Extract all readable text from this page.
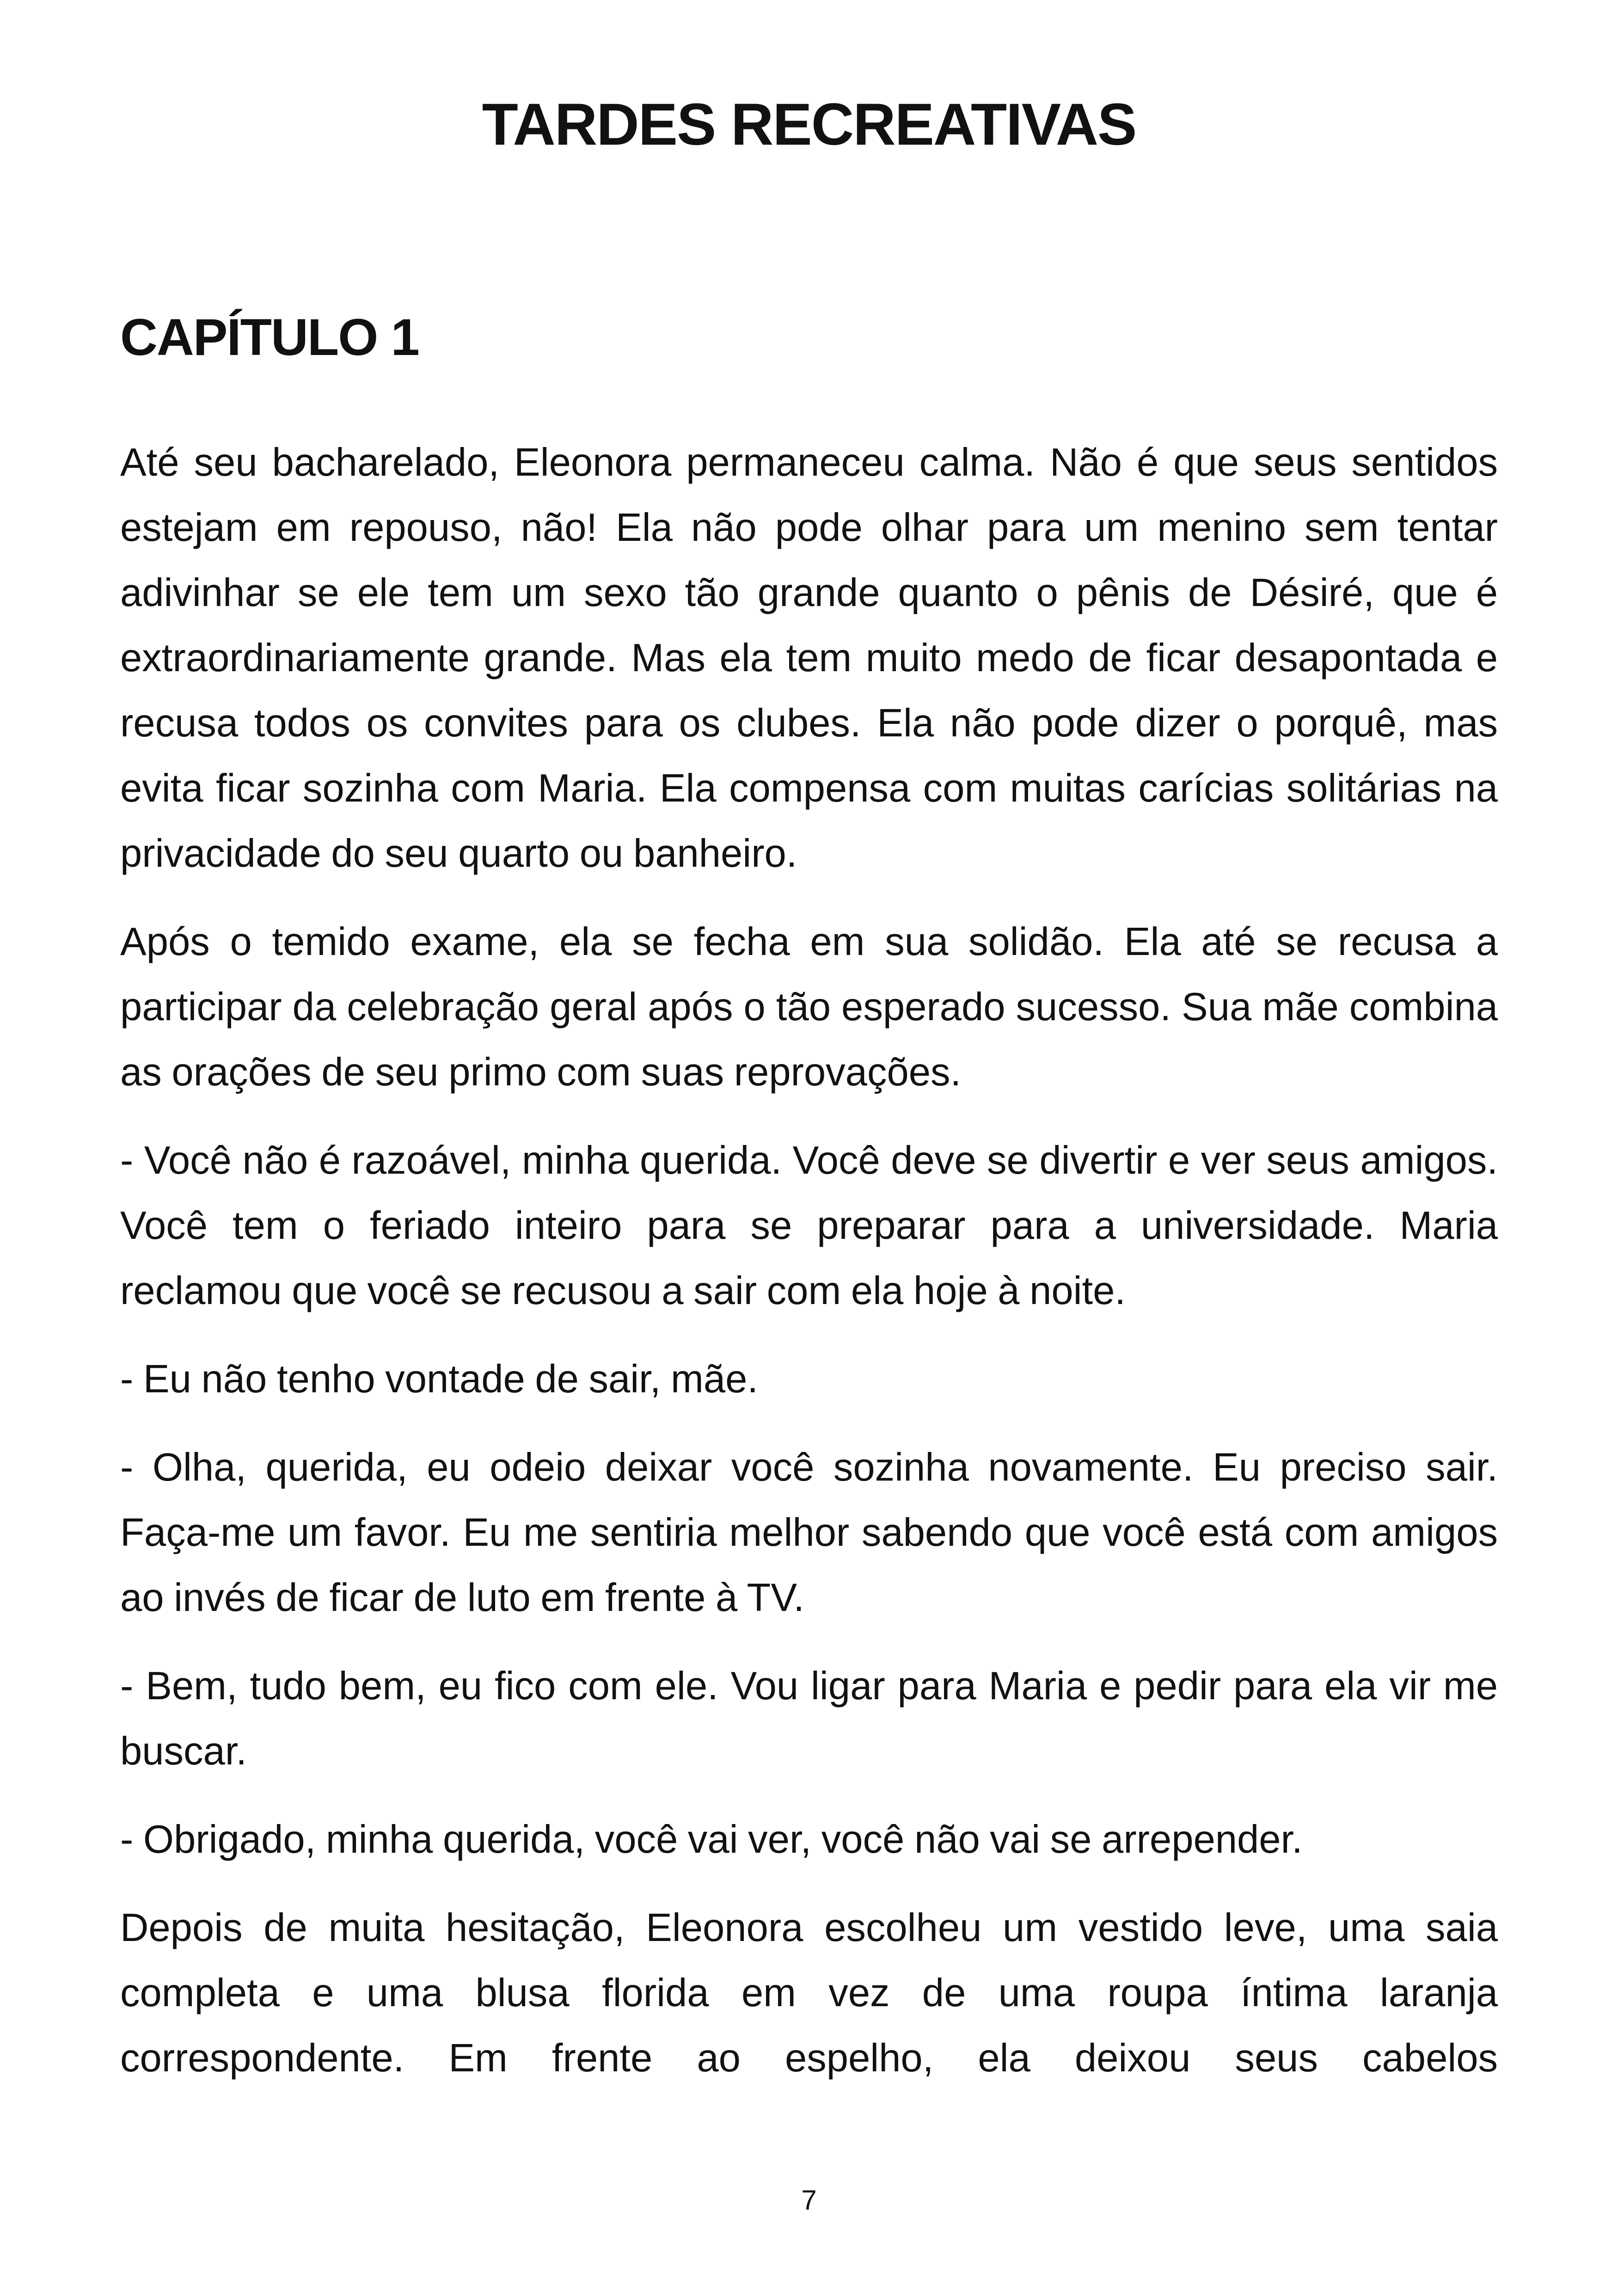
TARDES RECREATIVAS
CAPÍTULO 1

Até seu bacharelado, Eleonora permaneceu calma. Não é que seus sentidos estejam em repouso, não! Ela não pode olhar para um menino sem tentar adivinhar se ele tem um sexo tão grande quanto o pênis de Désiré, que é extraordinariamente grande. Mas ela tem muito medo de ficar desapontada e recusa todos os convites para os clubes. Ela não pode dizer o porquê, mas evita ficar sozinha com Maria. Ela compensa com muitas carícias solitárias na privacidade do seu quarto ou banheiro.

Após o temido exame, ela se fecha em sua solidão. Ela até se recusa a participar da celebração geral após o tão esperado sucesso. Sua mãe combina as orações de seu primo com suas reprovações.

- Você não é razoável, minha querida. Você deve se divertir e ver seus amigos. Você tem o feriado inteiro para se preparar para a universidade. Maria reclamou que você se recusou a sair com ela hoje à noite.

- Eu não tenho vontade de sair, mãe.

- Olha, querida, eu odeio deixar você sozinha novamente. Eu preciso sair. Faça-me um favor. Eu me sentiria melhor sabendo que você está com amigos ao invés de ficar de luto em frente à TV.

- Bem, tudo bem, eu fico com ele. Vou ligar para Maria e pedir para ela vir me buscar.

- Obrigado, minha querida, você vai ver, você não vai se arrepender.

Depois de muita hesitação, Eleonora escolheu um vestido leve, uma saia completa e uma blusa florida em vez de uma roupa íntima laranja correspondente. Em frente ao espelho, ela deixou seus cabelos

7
